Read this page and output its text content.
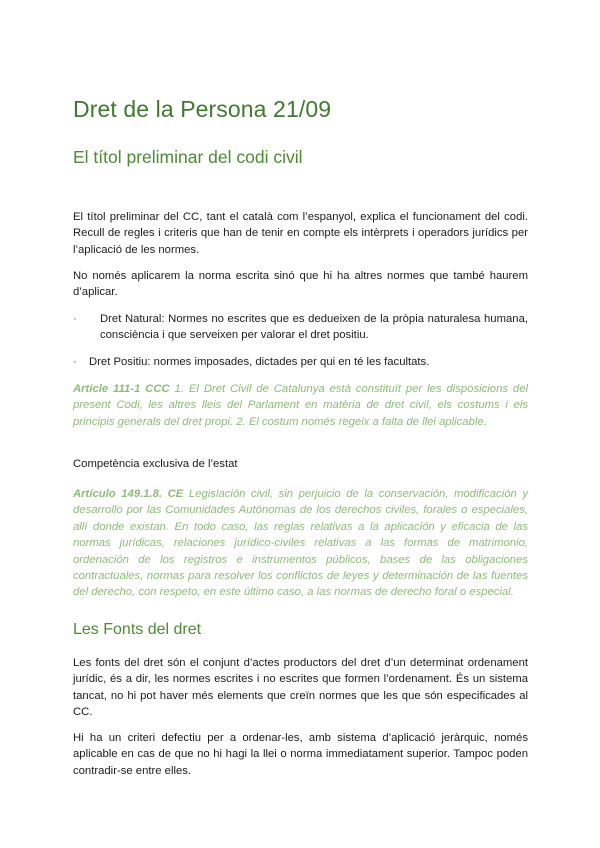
Dret de la Persona 21/09
El títol preliminar del codi civil

El títol preliminar del CC, tant el català com l’espanyol, explica el funcionament del codi. Recull de regles i criteris que han de tenir en compte els intèrprets i operadors jurídics per l’aplicació de les normes.

No només aplicarem la norma escrita sinó que hi ha altres normes que també haurem d’aplicar.

·	Dret Natural: Normes no escrites que es dedueixen de la pròpia naturalesa humana, consciència i que serveixen per valorar el dret positiu.
·	Dret Positiu: normes imposades, dictades per qui en té les facultats.

Article 111-1 CCC 1. El Dret Civil de Catalunya està constituït per les disposicions del present Codi, les altres lleis del Parlament en matèria de dret civil, els costums i els principis generals del dret propi. 2. El costum només regeix a falta de llei aplicable.

Competència exclusiva de l’estat

Artículo 149.1.8. CE Legislación civil, sin perjuicio de la conservación, modificación y desarrollo por las Comunidades Autónomas de los derechos civiles, forales o especiales, allí donde existan. En todo caso, las reglas relativas a la aplicación y eficacia de las normas jurídicas, relaciones jurídico-civiles relativas a las formas de matrimonio, ordenación de los registros e instrumentos públicos, bases de las obligaciones contractuales, normas para resolver los conflictos de leyes y determinación de las fuentes del derecho, con respeto, en este último caso, a las normas de derecho foral o especial.

Les Fonts del dret

Les fonts del dret són el conjunt d’actes productors del dret d’un determinat ordenament jurídic, és a dir, les normes escrites i no escrites que formen l’ordenament. És un sistema tancat, no hi pot haver més elements que creïn normes que les que són especificades al CC.

Hi ha un criteri defectiu per a ordenar-les, amb sistema d’aplicació jeràrquic, només aplicable en cas de que no hi hagi la llei o norma immediatament superior. Tampoc poden contradir-se entre elles.
